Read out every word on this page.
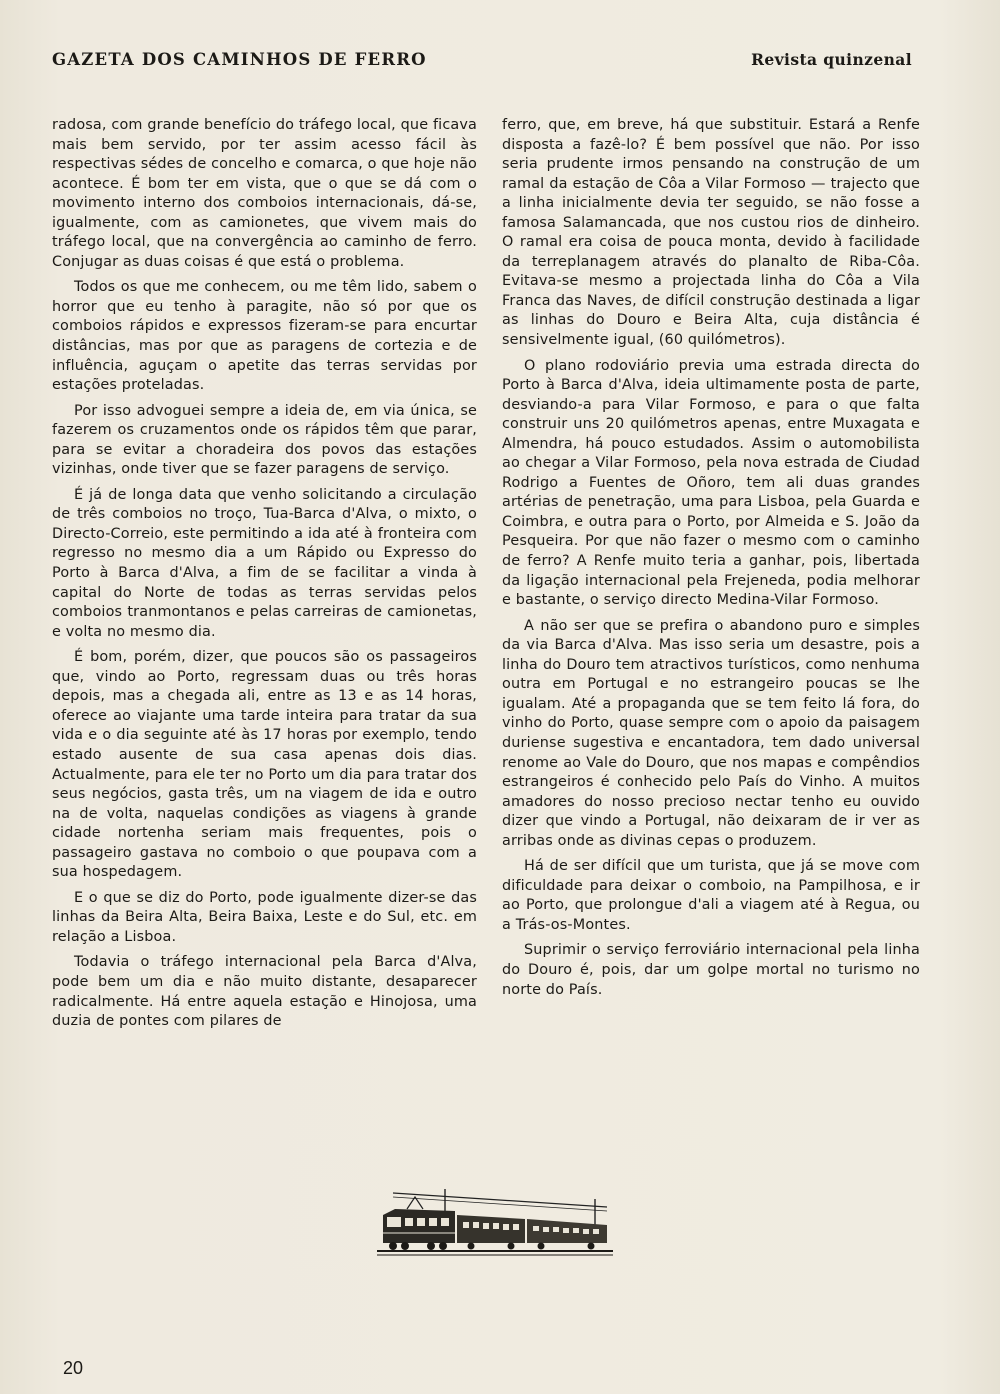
GAZETA DOS CAMINHOS DE FERRO	Revista quinzenal

radosa, com grande benefício do tráfego local, que ficava mais bem servido, por ter assim acesso fácil às respectivas sédes de concelho e comarca, o que hoje não acontece. É bom ter em vista, que o que se dá com o movimento interno dos comboios internacionais, dá-se, igualmente, com as camionetes, que vivem mais do tráfego local, que na convergência ao caminho de ferro. Conjugar as duas coisas é que está o problema.

Todos os que me conhecem, ou me têm lido, sabem o horror que eu tenho à paragite, não só por que os comboios rápidos e expressos fizeram-se para encurtar distâncias, mas por que as paragens de cortezia e de influência, aguçam o apetite das terras servidas por estações proteladas.

Por isso advoguei sempre a ideia de, em via única, se fazerem os cruzamentos onde os rápidos têm que parar, para se evitar a choradeira dos povos das estações vizinhas, onde tiver que se fazer paragens de serviço.

É já de longa data que venho solicitando a circulação de três comboios no troço, Tua-Barca d'Alva, o mixto, o Directo-Correio, este permitindo a ida até à fronteira com regresso no mesmo dia a um Rápido ou Expresso do Porto à Barca d'Alva, a fim de se facilitar a vinda à capital do Norte de todas as terras servidas pelos comboios tranmontanos e pelas carreiras de camionetas, e volta no mesmo dia.

É bom, porém, dizer, que poucos são os passageiros que, vindo ao Porto, regressam duas ou três horas depois, mas a chegada ali, entre as 13 e as 14 horas, oferece ao viajante uma tarde inteira para tratar da sua vida e o dia seguinte até às 17 horas por exemplo, tendo estado ausente de sua casa apenas dois dias. Actualmente, para ele ter no Porto um dia para tratar dos seus negócios, gasta três, um na viagem de ida e outro na de volta, naquelas condições as viagens à grande cidade nortenha seriam mais frequentes, pois o passageiro gastava no comboio o que poupava com a sua hospedagem.

E o que se diz do Porto, pode igualmente dizer-se das linhas da Beira Alta, Beira Baixa, Leste e do Sul, etc. em relação a Lisboa.

Todavia o tráfego internacional pela Barca d'Alva, pode bem um dia e não muito distante, desaparecer radicalmente. Há entre aquela estação e Hinojosa, uma duzia de pontes com pilares de

ferro, que, em breve, há que substituir. Estará a Renfe disposta a fazê-lo? É bem possível que não. Por isso seria prudente irmos pensando na construção de um ramal da estação de Côa a Vilar Formoso — trajecto que a linha inicialmente devia ter seguido, se não fosse a famosa Salamancada, que nos custou rios de dinheiro. O ramal era coisa de pouca monta, devido à facilidade da terreplanagem através do planalto de Riba-Côa. Evitava-se mesmo a projectada linha do Côa a Vila Franca das Naves, de difícil construção destinada a ligar as linhas do Douro e Beira Alta, cuja distância é sensivelmente igual, (60 quilómetros).

O plano rodoviário previa uma estrada directa do Porto à Barca d'Alva, ideia ultimamente posta de parte, desviando-a para Vilar Formoso, e para o que falta construir uns 20 quilómetros apenas, entre Muxagata e Almendra, há pouco estudados. Assim o automobilista ao chegar a Vilar Formoso, pela nova estrada de Ciudad Rodrigo a Fuentes de Oñoro, tem ali duas grandes artérias de penetração, uma para Lisboa, pela Guarda e Coimbra, e outra para o Porto, por Almeida e S. João da Pesqueira. Por que não fazer o mesmo com o caminho de ferro? A Renfe muito teria a ganhar, pois, libertada da ligação internacional pela Frejeneda, podia melhorar e bastante, o serviço directo Medina-Vilar Formoso.

A não ser que se prefira o abandono puro e simples da via Barca d'Alva. Mas isso seria um desastre, pois a linha do Douro tem atractivos turísticos, como nenhuma outra em Portugal e no estrangeiro poucas se lhe igualam. Até a propaganda que se tem feito lá fora, do vinho do Porto, quase sempre com o apoio da paisagem duriense sugestiva e encantadora, tem dado universal renome ao Vale do Douro, que nos mapas e compêndios estrangeiros é conhecido pelo País do Vinho. A muitos amadores do nosso precioso nectar tenho eu ouvido dizer que vindo a Portugal, não deixaram de ir ver as arribas onde as divinas cepas o produzem.

Há de ser difícil que um turista, que já se move com dificuldade para deixar o comboio, na Pampilhosa, e ir ao Porto, que prolongue d'ali a viagem até à Regua, ou a Trás-os-Montes.

Suprimir o serviço ferroviário internacional pela linha do Douro é, pois, dar um golpe mortal no turismo no norte do País.

20
